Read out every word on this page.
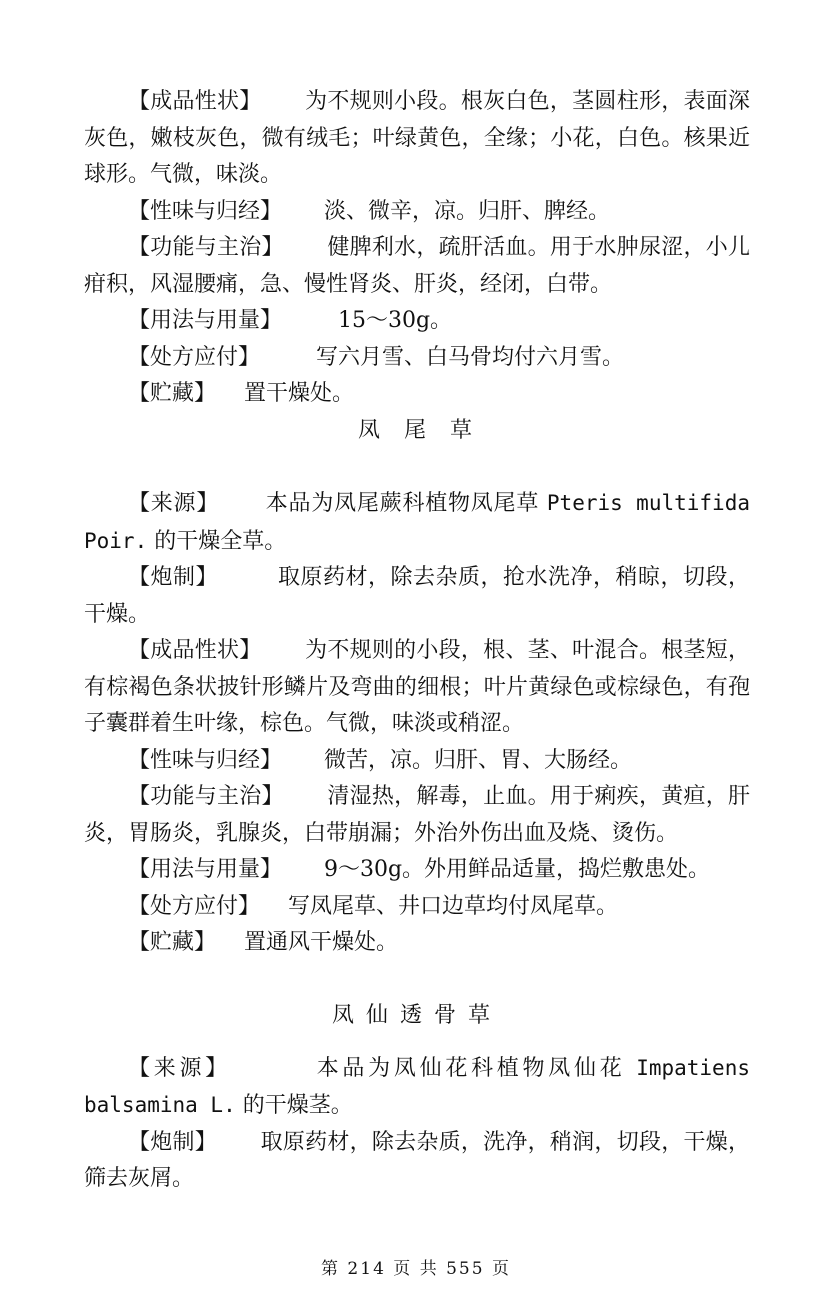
【成品性状】 为不规则小段。根灰白色，茎圆柱形，表面深灰色，嫩枝灰色，微有绒毛；叶绿黄色，全缘；小花，白色。核果近球形。气微，味淡。

【性味与归经】 淡、微辛，凉。归肝、脾经。

【功能与主治】 健脾利水，疏肝活血。用于水肿尿涩，小儿疳积，风湿腰痛，急、慢性肾炎、肝炎，经闭，白带。

【用法与用量】	15～30g。

【处方应付】	写六月雪、白马骨均付六月雪。

【贮藏】 置干燥处。

凤尾草

【来源】 本品为凤尾蕨科植物凤尾草 Pteris multifida Poir. 的干燥全草。

【炮制】	取原药材，除去杂质，抢水洗净，稍晾，切段，干燥。

【成品性状】 为不规则的小段，根、茎、叶混合。根茎短，有棕褐色条状披针形鳞片及弯曲的细根；叶片黄绿色或棕绿色，有孢子囊群着生叶缘，棕色。气微，味淡或稍涩。

【性味与归经】 微苦，凉。归肝、胃、大肠经。

【功能与主治】 清湿热，解毒，止血。用于痢疾，黄疸，肝炎，胃肠炎，乳腺炎，白带崩漏；外治外伤出血及烧、烫伤。

【用法与用量】 9～30g。外用鲜品适量，捣烂敷患处。

【处方应付】 写凤尾草、井口边草均付凤尾草。

【贮藏】 置通风干燥处。

凤仙透骨草

【来源】	本品为凤仙花科植物凤仙花 Impatiens balsamina L. 的干燥茎。

【炮制】 取原药材，除去杂质，洗净，稍润，切段，干燥，筛去灰屑。

第 214 页 共 555 页
